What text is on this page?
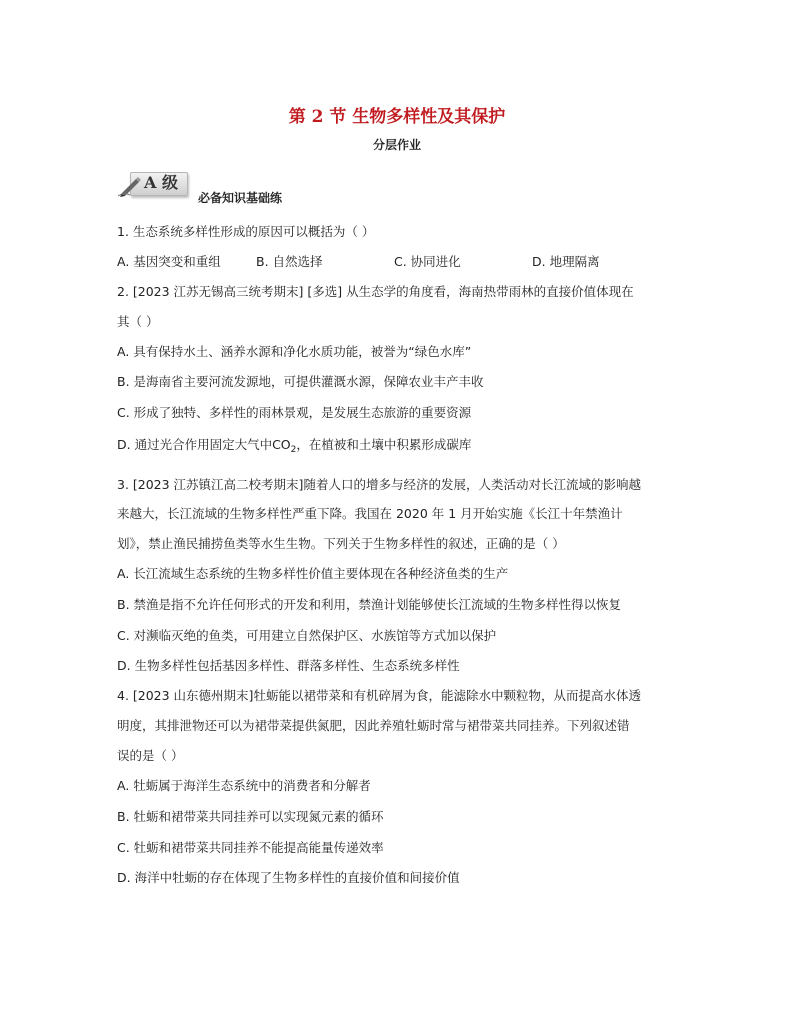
第 2 节 生物多样性及其保护
分层作业
A 级
必备知识基础练
1. 生态系统多样性形成的原因可以概括为（ ）
A. 基因突变和重组	B. 自然选择	C. 协同进化	D. 地理隔离
2. [2023 江苏无锡高三统考期末] [多选] 从生态学的角度看，海南热带雨林的直接价值体现在
其（ ）
A. 具有保持水土、涵养水源和净化水质功能，被誉为“绿色水库”
B. 是海南省主要河流发源地，可提供灌溉水源，保障农业丰产丰收
C. 形成了独特、多样性的雨林景观，是发展生态旅游的重要资源
D. 通过光合作用固定大气中$CO_2$，在植被和土壤中积累形成碳库
3. [2023 江苏镇江高二校考期末]随着人口的增多与经济的发展，人类活动对长江流域的影响越
来越大，长江流域的生物多样性严重下降。我国在 2020 年 1 月开始实施《长江十年禁渔计
划》，禁止渔民捕捞鱼类等水生生物。下列关于生物多样性的叙述，正确的是（ ）
A. 长江流域生态系统的生物多样性价值主要体现在各种经济鱼类的生产
B. 禁渔是指不允许任何形式的开发和利用，禁渔计划能够使长江流域的生物多样性得以恢复
C. 对濒临灭绝的鱼类，可用建立自然保护区、水族馆等方式加以保护
D. 生物多样性包括基因多样性、群落多样性、生态系统多样性
4. [2023 山东德州期末]牡蛎能以裙带菜和有机碎屑为食，能滤除水中颗粒物，从而提高水体透
明度，其排泄物还可以为裙带菜提供氮肥，因此养殖牡蛎时常与裙带菜共同挂养。下列叙述错
误的是（ ）
A. 牡蛎属于海洋生态系统中的消费者和分解者
B. 牡蛎和裙带菜共同挂养可以实现氮元素的循环
C. 牡蛎和裙带菜共同挂养不能提高能量传递效率
D. 海洋中牡蛎的存在体现了生物多样性的直接价值和间接价值
